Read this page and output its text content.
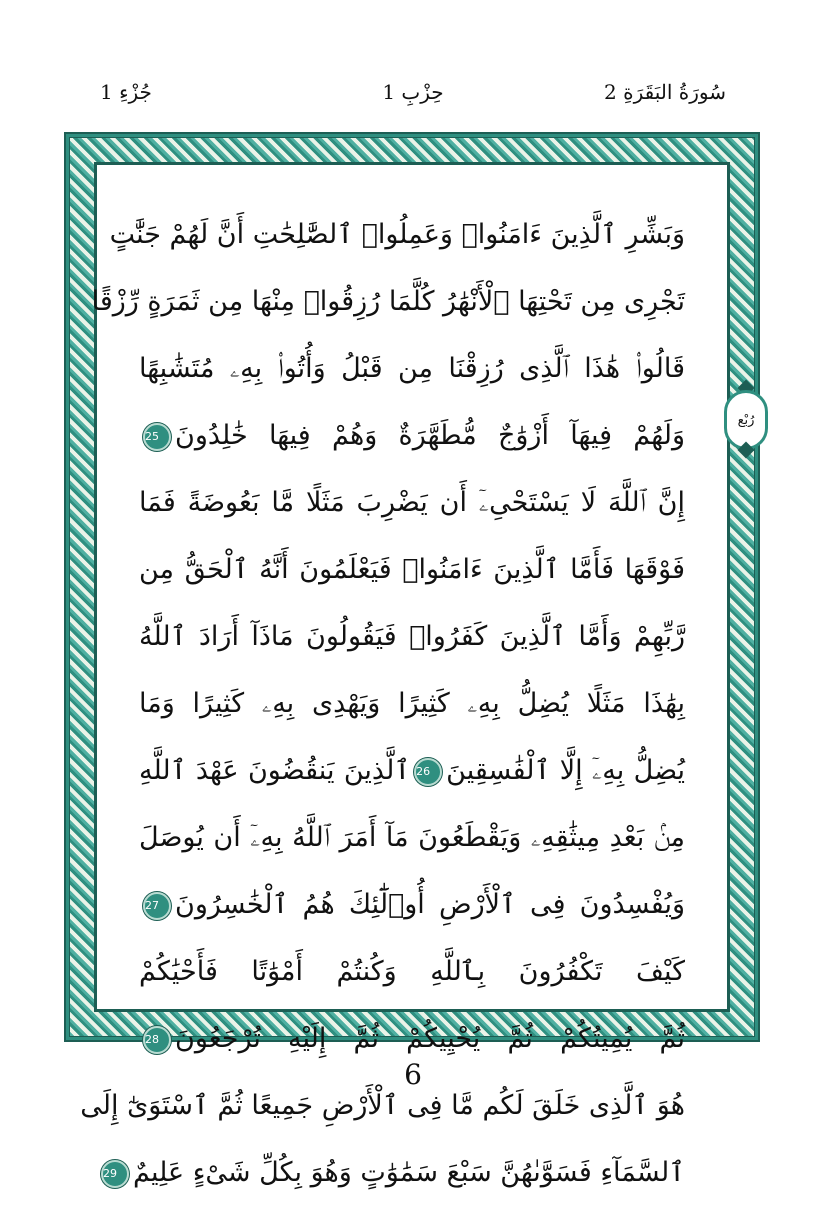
2 سُورَةُ البَقَرَةِ
حِزْبِ 1
جُزْءِ 1
وَبَشِّرِ ٱلَّذِينَ ءَامَنُوا۟ وَعَمِلُوا۟ ٱلصَّٰلِحَٰتِ أَنَّ لَهُمْ جَنَّٰتٍ
تَجْرِى مِن تَحْتِهَا ٱلْأَنْهَٰرُ كُلَّمَا رُزِقُوا۟ مِنْهَا مِن ثَمَرَةٍ رِّزْقًا
قَالُوا۟ هَٰذَا ٱلَّذِى رُزِقْنَا مِن قَبْلُ وَأُتُوا۟ بِهِۦ مُتَشَٰبِهًا
وَلَهُمْ فِيهَآ أَزْوَٰجٌ مُّطَهَّرَةٌ وَهُمْ فِيهَا خَٰلِدُونَ25
إِنَّ ٱللَّهَ لَا يَسْتَحْىِۦٓ أَن يَضْرِبَ مَثَلًا مَّا بَعُوضَةً فَمَا
فَوْقَهَا فَأَمَّا ٱلَّذِينَ ءَامَنُوا۟ فَيَعْلَمُونَ أَنَّهُ ٱلْحَقُّ مِن
رَّبِّهِمْ وَأَمَّا ٱلَّذِينَ كَفَرُوا۟ فَيَقُولُونَ مَاذَآ أَرَادَ ٱللَّهُ
بِهَٰذَا مَثَلًا يُضِلُّ بِهِۦ كَثِيرًا وَيَهْدِى بِهِۦ كَثِيرًا وَمَا
يُضِلُّ بِهِۦٓ إِلَّا ٱلْفَٰسِقِينَ26ٱلَّذِينَ يَنقُضُونَ عَهْدَ ٱللَّهِ
مِنۢ بَعْدِ مِيثَٰقِهِۦ وَيَقْطَعُونَ مَآ أَمَرَ ٱللَّهُ بِهِۦٓ أَن يُوصَلَ
وَيُفْسِدُونَ فِى ٱلْأَرْضِ أُو۟لَٰٓئِكَ هُمُ ٱلْخَٰسِرُونَ27
كَيْفَ تَكْفُرُونَ بِٱللَّهِ وَكُنتُمْ أَمْوَٰتًا فَأَحْيَٰكُمْ
ثُمَّ يُمِيتُكُمْ ثُمَّ يُحْيِيكُمْ ثُمَّ إِلَيْهِ تُرْجَعُونَ28
هُوَ ٱلَّذِى خَلَقَ لَكُم مَّا فِى ٱلْأَرْضِ جَمِيعًا ثُمَّ ٱسْتَوَىٰٓ إِلَى
ٱلسَّمَآءِ فَسَوَّىٰهُنَّ سَبْعَ سَمَٰوَٰتٍ وَهُوَ بِكُلِّ شَىْءٍ عَلِيمٌ29
رُبْع
6
